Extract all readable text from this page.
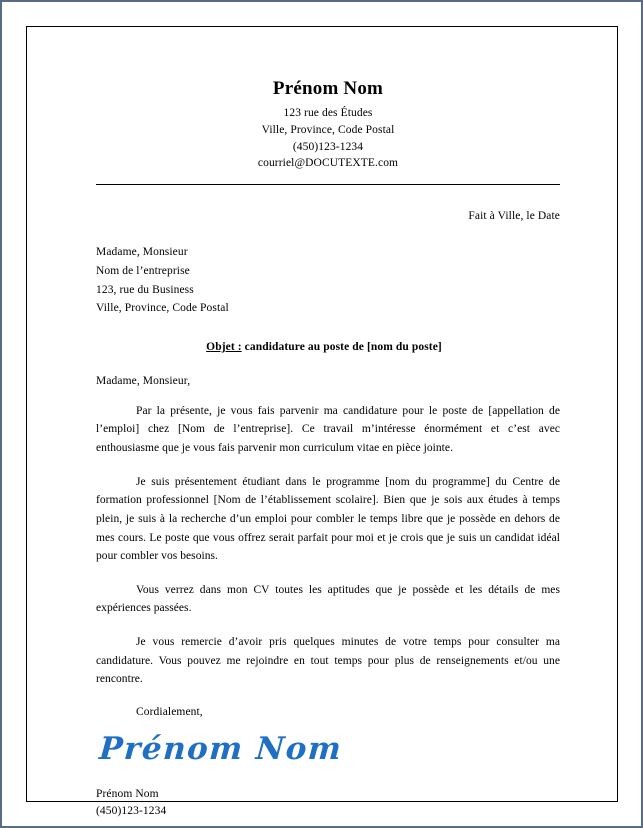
Prénom Nom
123 rue des Études
Ville, Province, Code Postal
(450)123-1234
courriel@DOCUTEXTE.com
Fait à Ville, le Date
Madame, Monsieur
Nom de l’entreprise
123, rue du Business
Ville, Province, Code Postal
Objet : candidature au poste de [nom du poste]
Madame, Monsieur,
Par la présente, je vous fais parvenir ma candidature pour le poste de [appellation de l’emploi] chez [Nom de l’entreprise]. Ce travail m’intéresse énormément et c’est avec enthousiasme que je vous fais parvenir mon curriculum vitae en pièce jointe.
Je suis présentement étudiant dans le programme [nom du programme] du Centre de formation professionnel [Nom de l’établissement scolaire]. Bien que je sois aux études à temps plein, je suis à la recherche d’un emploi pour combler le temps libre que je possède en dehors de mes cours. Le poste que vous offrez serait parfait pour moi et je crois que je suis un candidat idéal pour combler vos besoins.
Vous verrez dans mon CV toutes les aptitudes que je possède et les détails de mes expériences passées.
Je vous remercie d’avoir pris quelques minutes de votre temps pour consulter ma candidature. Vous pouvez me rejoindre en tout temps pour plus de renseignements et/ou une rencontre.
Cordialement,
Prénom Nom
Prénom Nom
(450)123-1234
